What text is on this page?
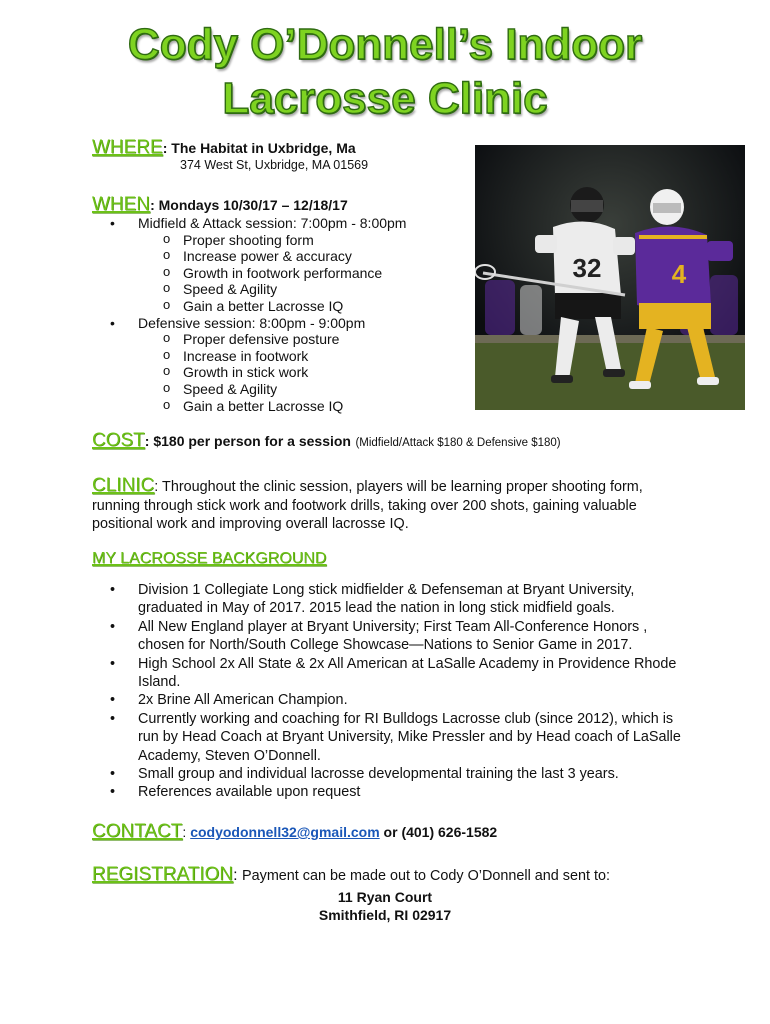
Cody O’Donnell’s Indoor
Lacrosse Clinic
WHERE: The Habitat in Uxbridge, Ma
374 West St, Uxbridge, MA 01569
WHEN: Mondays 10/30/17 – 12/18/17
• Midfield & Attack session: 7:00pm - 8:00pm
o Proper shooting form
o Increase power & accuracy
o Growth in footwork performance
o Speed & Agility
o Gain a better Lacrosse IQ
• Defensive session: 8:00pm - 9:00pm
o Proper defensive posture
o Increase in footwork
o Growth in stick work
o Speed & Agility
o Gain a better Lacrosse IQ
32	4
COST: $180 per person for a session (Midfield/Attack $180 & Defensive $180)
CLINIC: Throughout the clinic session, players will be learning proper shooting form, running through stick work and footwork drills, taking over 200 shots, gaining valuable positional work and improving overall lacrosse IQ.
MY LACROSSE BACKGROUND
• Division 1 Collegiate Long stick midfielder & Defenseman at Bryant University, graduated in May of 2017. 2015 lead the nation in long stick midfield goals.
• All New England player at Bryant University; First Team All-Conference Honors , chosen for North/South College Showcase—Nations to Senior Game in 2017.
• High School 2x All State & 2x All American at LaSalle Academy in Providence Rhode Island.
• 2x Brine All American Champion.
• Currently working and coaching for RI Bulldogs Lacrosse club (since 2012), which is run by Head Coach at Bryant University, Mike Pressler and by Head coach of LaSalle Academy, Steven O’Donnell.
• Small group and individual lacrosse developmental training the last 3 years.
• References available upon request
CONTACT: codyodonnell32@gmail.com or (401) 626-1582
REGISTRATION: Payment can be made out to Cody O’Donnell and sent to:
11 Ryan Court
Smithfield, RI 02917
